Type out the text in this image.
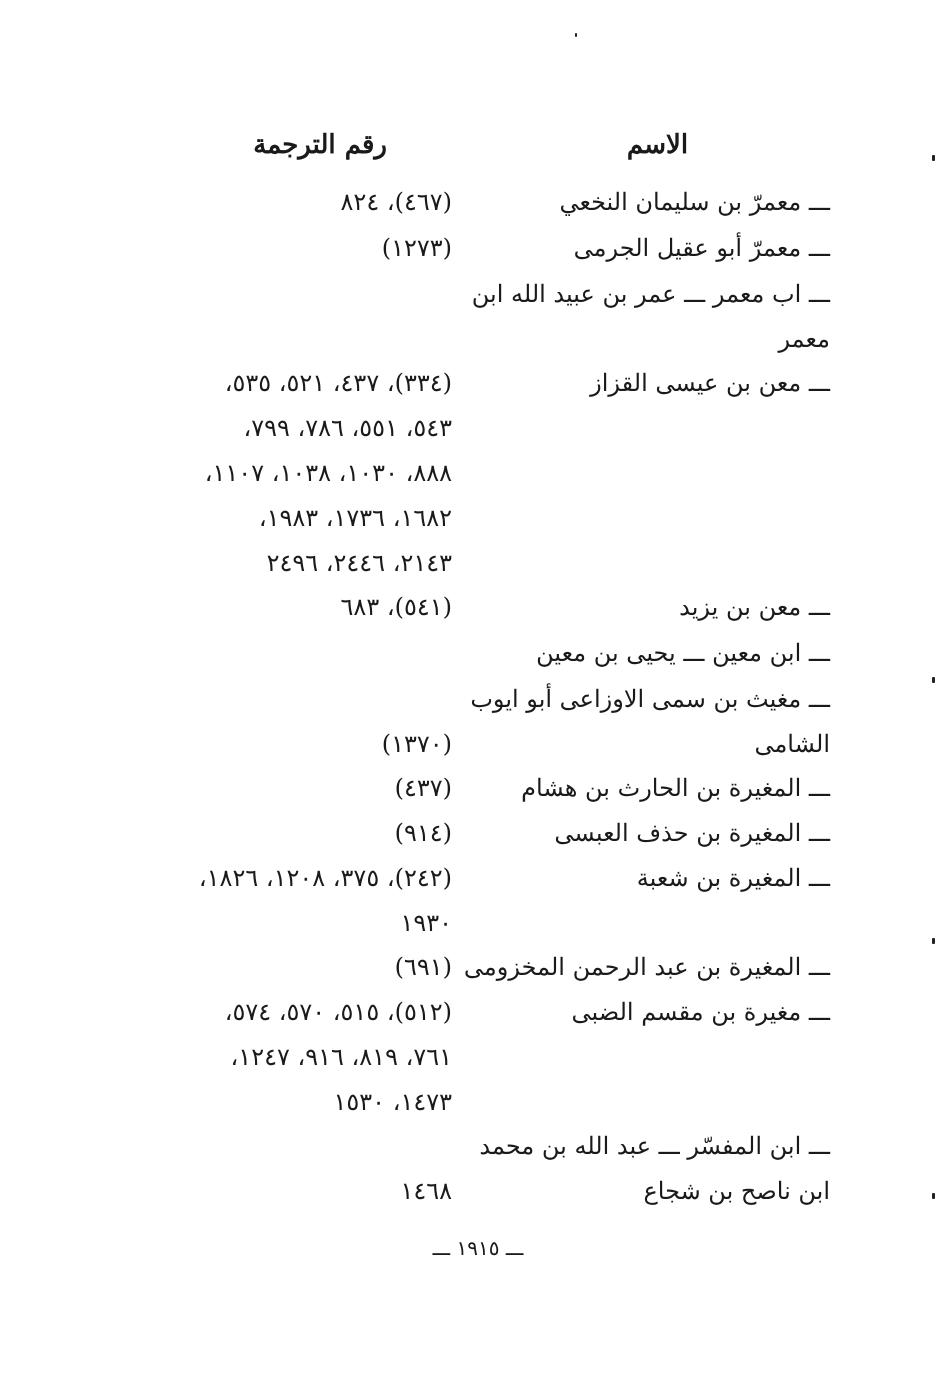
الاسم
رقم الترجمة
ـــ معمرّ بن سليمان النخعي
(٤٦٧)، ٨٢٤
ـــ معمرّ أبو عقيل الجرمى
(١٢٧٣)
ـــ اب معمر ـــ عمر بن عبيد الله ابن
معمر
ـــ معن بن عيسى القزاز
(٣٣٤)، ٤٣٧، ٥٢١، ٥٣٥،
٥٤٣، ٥٥١، ٧٨٦، ٧٩٩،
٨٨٨، ١٠٣٠، ١٠٣٨، ١١٠٧،
١٦٨٢، ١٧٣٦، ١٩٨٣،
٢١٤٣، ٢٤٤٦، ٢٤٩٦
ـــ معن بن يزيد
(٥٤١)، ٦٨٣
ـــ ابن معين ـــ يحيى بن معين
ـــ مغيث بن سمى الاوزاعى أبو ايوب
الشامى
(١٣٧٠)
ـــ المغيرة بن الحارث بن هشام
(٤٣٧)
ـــ المغيرة بن حذف العبسى
(٩١٤)
ـــ المغيرة بن شعبة
(٢٤٢)، ٣٧٥، ١٢٠٨، ١٨٢٦،
١٩٣٠
ـــ المغيرة بن عبد الرحمن المخزومى
(٦٩١)
ـــ مغيرة بن مقسم الضبى
(٥١٢)، ٥١٥، ٥٧٠، ٥٧٤،
٧٦١، ٨١٩، ٩١٦، ١٢٤٧،
١٤٧٣، ١٥٣٠
ـــ ابن المفسّر ـــ عبد الله بن محمد
ابن ناصح بن شجاع
١٤٦٨
ـــ ١٩١٥ ـــ
